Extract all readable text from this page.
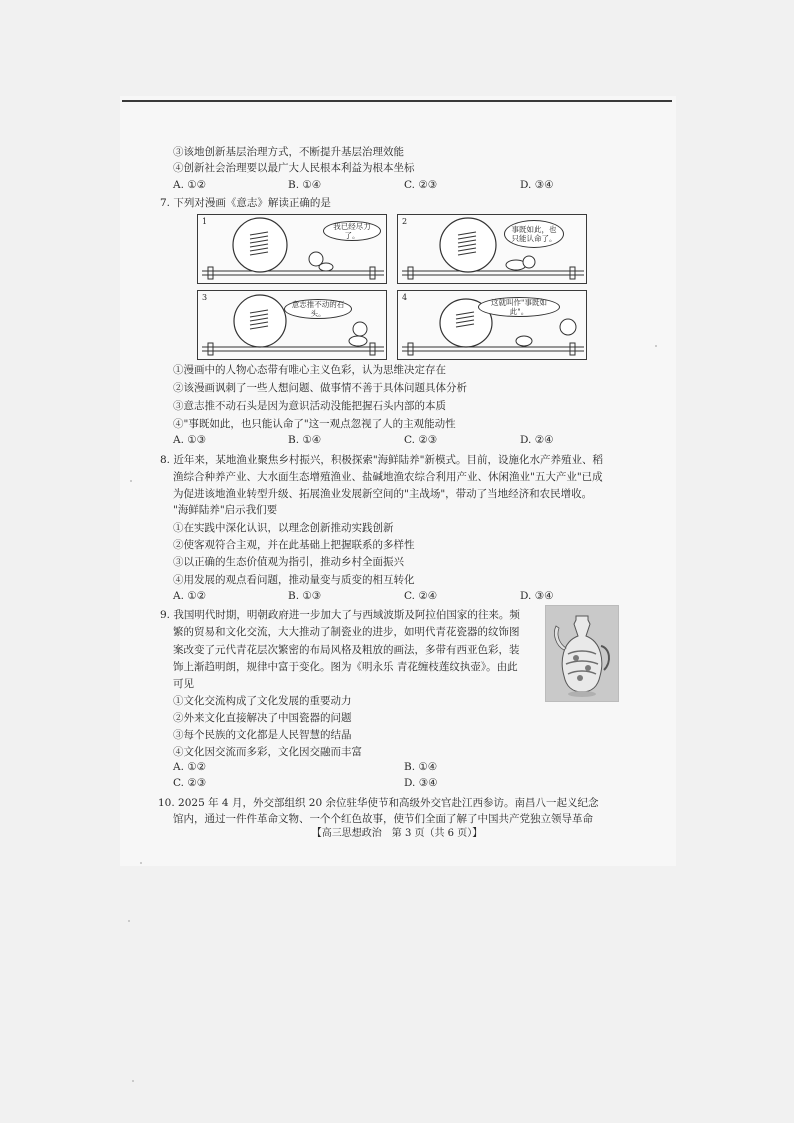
③该地创新基层治理方式，不断提升基层治理效能
④创新社会治理要以最广大人民根本利益为根本坐标
A. ①②	B. ①④	C. ②③	D. ③④
7. 下列对漫画《意志》解读正确的是
1
我已经尽力了。
2
事既如此，也只能认命了。
3
意志推不动的石头。
4
这就叫作"事既如此"。
①漫画中的人物心态带有唯心主义色彩，认为思维决定存在
②该漫画讽刺了一些人想问题、做事情不善于具体问题具体分析
③意志推不动石头是因为意识活动没能把握石头内部的本质
④"事既如此，也只能认命了"这一观点忽视了人的主观能动性
A. ①③	B. ①④	C. ②③	D. ②④
8. 近年来，某地渔业聚焦乡村振兴，积极探索"海鲜陆养"新模式。目前，设施化水产养殖业、稻
渔综合种养产业、大水面生态增殖渔业、盐碱地渔农综合利用产业、休闲渔业"五大产业"已成
为促进该地渔业转型升级、拓展渔业发展新空间的"主战场"，带动了当地经济和农民增收。
"海鲜陆养"启示我们要
①在实践中深化认识，以理念创新推动实践创新
②使客观符合主观，并在此基础上把握联系的多样性
③以正确的生态价值观为指引，推动乡村全面振兴
④用发展的观点看问题，推动量变与质变的相互转化
A. ①②	B. ①③	C. ②④	D. ③④
9. 我国明代时期，明朝政府进一步加大了与西域波斯及阿拉伯国家的往来。频
繁的贸易和文化交流，大大推动了制瓷业的进步，如明代青花瓷器的纹饰图
案改变了元代青花层次繁密的布局风格及粗放的画法，多带有西亚色彩，装
饰上渐趋明朗，规律中富于变化。图为《明永乐 青花缠枝莲纹执壶》。由此
可见
①文化交流构成了文化发展的重要动力
②外来文化直接解决了中国瓷器的问题
③每个民族的文化都是人民智慧的结晶
④文化因交流而多彩，文化因交融而丰富
A. ①②	B. ①④
C. ②③	D. ③④
10. 2025 年 4 月，外交部组织 20 余位驻华使节和高级外交官赴江西参访。南昌八一起义纪念
馆内，通过一件件革命文物、一个个红色故事，使节们全面了解了中国共产党独立领导革命
【高三思想政治　第 3 页（共 6 页）】
